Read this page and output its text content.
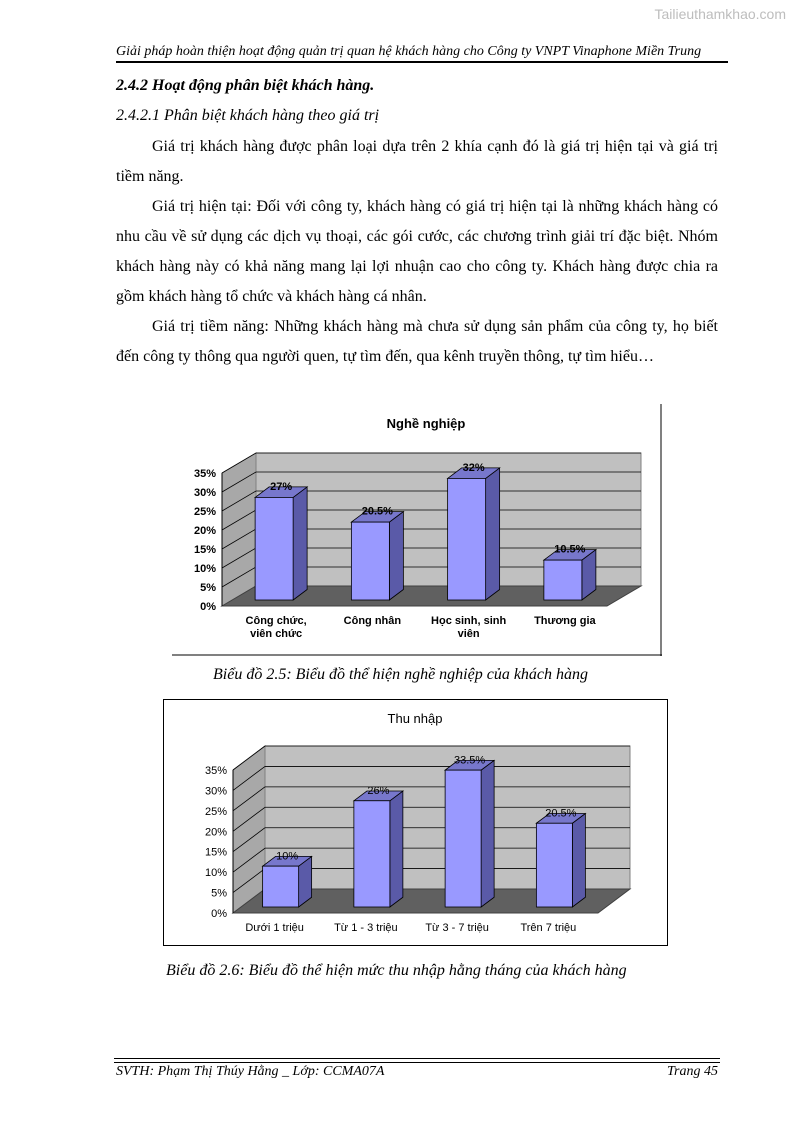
Tailieuthamkhao.com
Giải pháp hoàn thiện hoạt động quản trị quan hệ khách hàng cho Công ty VNPT Vinaphone Miền Trung
2.4.2 Hoạt động phân biệt khách hàng.
2.4.2.1 Phân biệt khách hàng theo giá trị

Giá trị khách hàng được phân loại dựa trên 2 khía cạnh đó là giá trị hiện tại và giá trị tiềm năng.

Giá trị hiện tại: Đối với công ty, khách hàng có giá trị hiện tại là những khách hàng có nhu cầu về sử dụng các dịch vụ thoại, các gói cước, các chương trình giải trí đặc biệt. Nhóm khách hàng này có khả năng mang lại lợi nhuận cao cho công ty. Khách hàng được chia ra gồm khách hàng tổ chức và khách hàng cá nhân.

Giá trị tiềm năng: Những khách hàng mà chưa sử dụng sản phẩm của công ty, họ biết đến công ty thông qua người quen, tự tìm đến, qua kênh truyền thông, tự tìm hiểu…

Nghề nghiệp
0%
5%
10%
15%
20%
25%
30%
35%
27%
Công chức,
viên chức
20.5%
Công nhân
32%
Học sinh, sinh
viên
10.5%
Thương gia
Biểu đồ 2.5: Biểu đồ thể hiện nghề nghiệp của khách hàng
Thu nhập
0%
5%
10%
15%
20%
25%
30%
35%
10%
Dưới 1 triệu
26%
Từ 1 - 3 triệu
33.5%
Từ 3 - 7 triệu
20.5%
Trên 7 triệu
Biểu đồ 2.6: Biểu đồ thể hiện mức thu nhập hằng tháng của khách hàng
SVTH: Phạm Thị Thúy Hằng _ Lớp: CCMA07A	Trang 45
